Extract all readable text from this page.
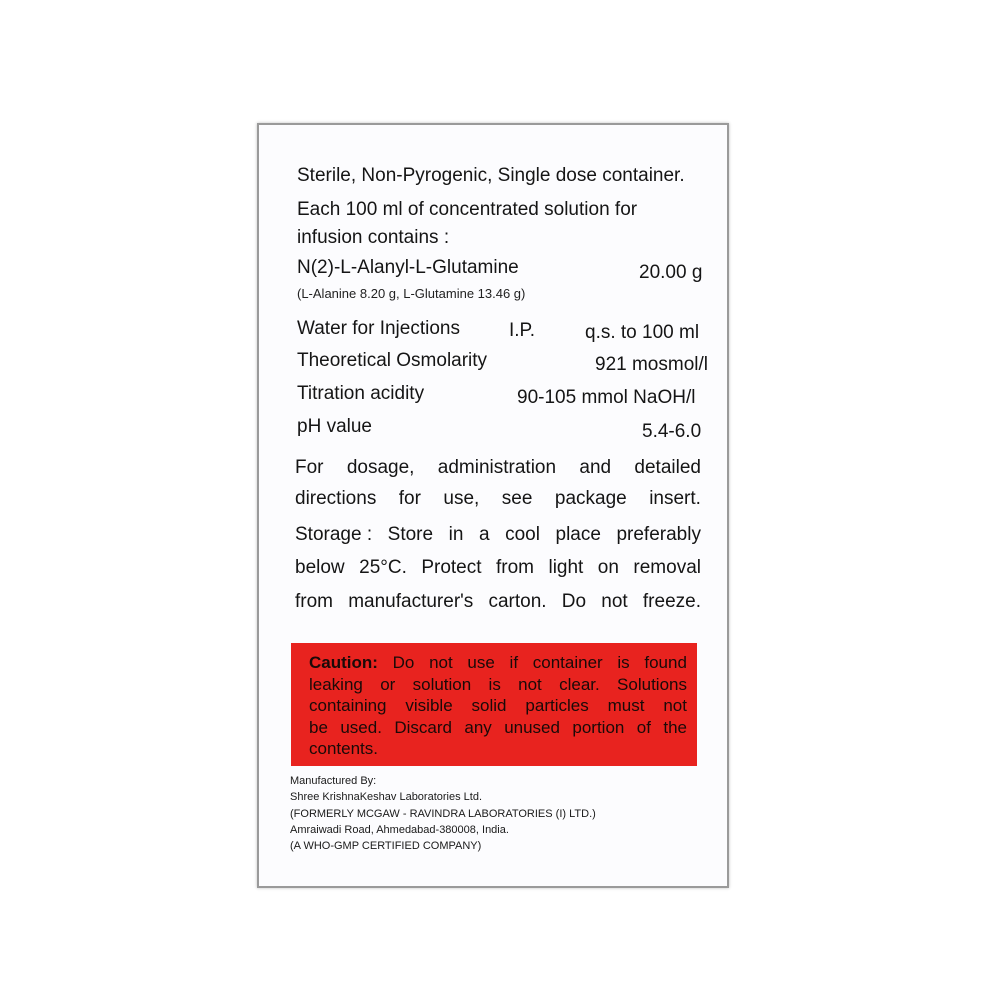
Sterile, Non-Pyrogenic, Single dose container.
Each 100 ml of concentrated solution for
infusion contains :
N(2)-L-Alanyl-L-Glutamine	20.00 g
(L-Alanine 8.20 g, L-Glutamine 13.46 g)
Water for Injections	I.P.	q.s. to 100 ml
Theoretical Osmolarity	921 mosmol/l
Titration acidity	90-105 mmol NaOH/l
pH value	5.4-6.0
For dosage, administration and detailed
directions for use, see package insert.
Storage : Store in a cool place preferably
below 25°C. Protect from light on removal
from manufacturer's carton. Do not freeze.
Caution: Do not use if container is found
leaking or solution is not clear. Solutions
containing visible solid particles must not
be used. Discard any unused portion of the
contents.
Manufactured By:
Shree KrishnaKeshav Laboratories Ltd.
(FORMERLY MCGAW - RAVINDRA LABORATORIES (I) LTD.)
Amraiwadi Road, Ahmedabad-380008, India.
(A WHO-GMP CERTIFIED COMPANY)
